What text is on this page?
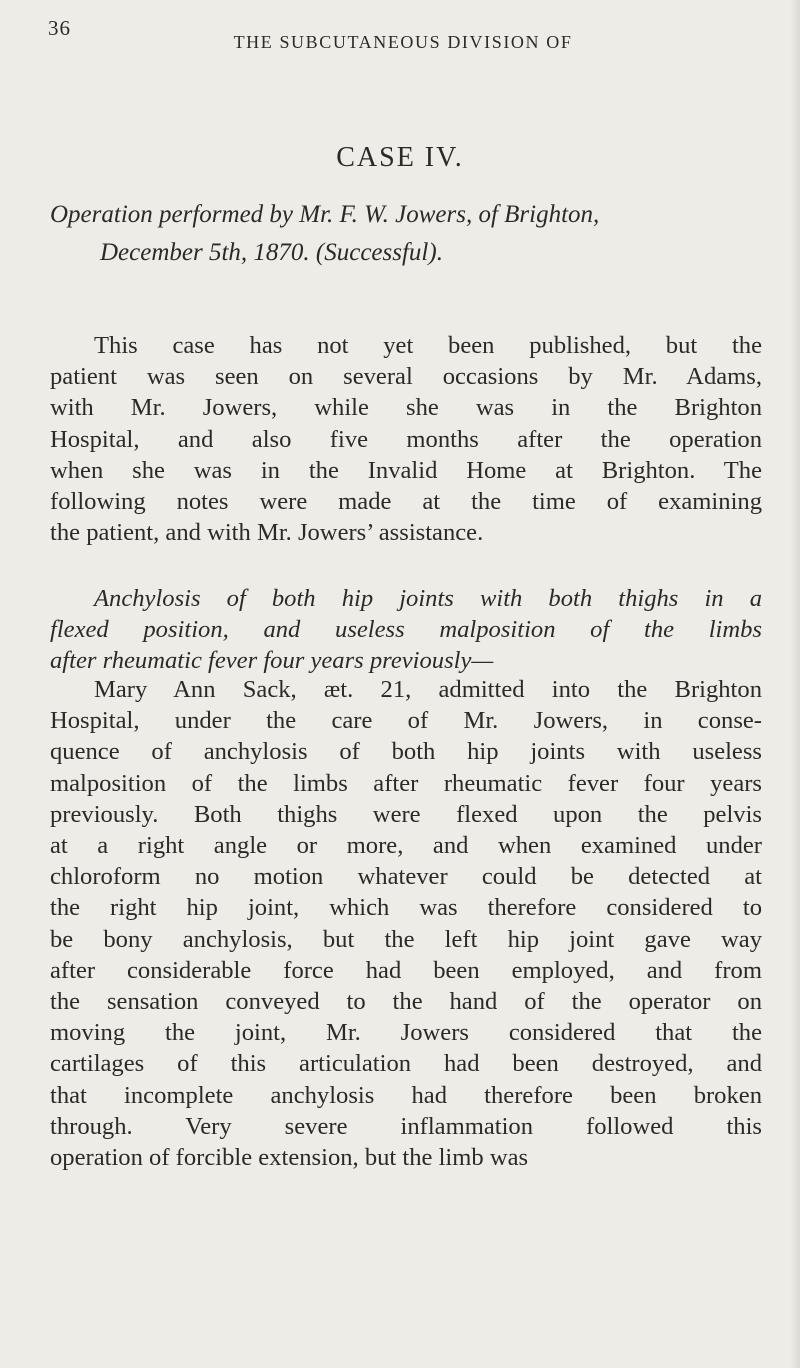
36
THE SUBCUTANEOUS DIVISION OF
CASE IV.
Operation performed by Mr. F. W. Jowers, of Brighton,
December 5th, 1870. (Successful).
This case has not yet been published, but the
patient was seen on several occasions by Mr. Adams,
with Mr. Jowers, while she was in the Brighton
Hospital, and also five months after the operation
when she was in the Invalid Home at Brighton. The
following notes were made at the time of examining
the patient, and with Mr. Jowers’ assistance.
Anchylosis of both hip joints with both thighs in a
flexed position, and useless malposition of the limbs
after rheumatic fever four years previously—
Mary Ann Sack, æt. 21, admitted into the Brighton
Hospital, under the care of Mr. Jowers, in conse-
quence of anchylosis of both hip joints with useless
malposition of the limbs after rheumatic fever four years
previously. Both thighs were flexed upon the pelvis
at a right angle or more, and when examined under
chloroform no motion whatever could be detected at
the right hip joint, which was therefore considered to
be bony anchylosis, but the left hip joint gave way
after considerable force had been employed, and from
the sensation conveyed to the hand of the operator on
moving the joint, Mr. Jowers considered that the
cartilages of this articulation had been destroyed, and
that incomplete anchylosis had therefore been broken
through. Very severe inflammation followed this
operation of forcible extension, but the limb was
